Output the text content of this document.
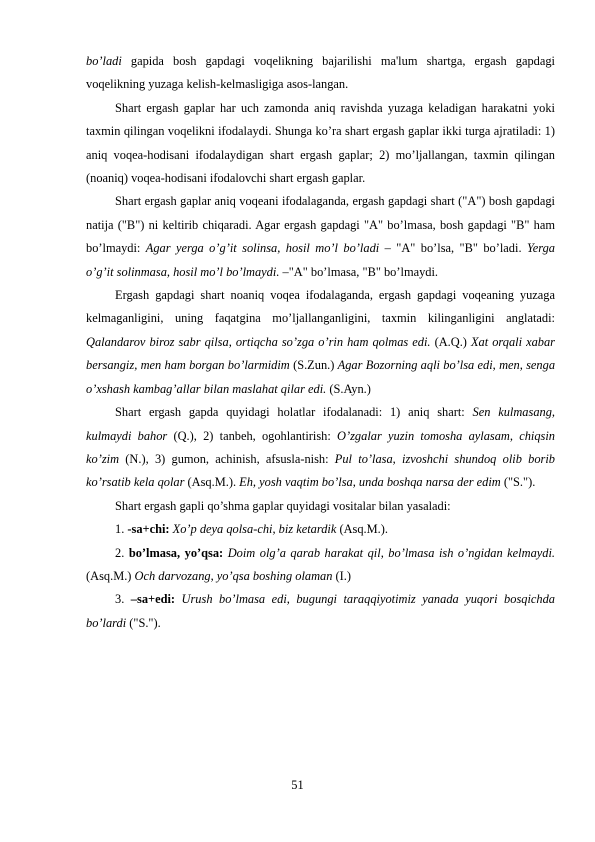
bo’ladi gapida bosh gapdagi voqelikning bajarilishi ma'lum shartga, ergash gapdagi voqelikning yuzaga kelish-kelmasligiga asos-langan.

Shart ergash gaplar har uch zamonda aniq ravishda yuzaga keladigan harakatni yoki taxmin qilingan voqelikni ifodalaydi. Shunga ko’ra shart ergash gaplar ikki turga ajratiladi: 1) aniq voqea-hodisani ifodalaydigan shart ergash gaplar; 2) mo’ljallangan, taxmin qilingan (noaniq) voqea-hodisani ifodalovchi shart ergash gaplar.

Shart ergash gaplar aniq voqeani ifodalaganda, ergash gapdagi shart ("A") bosh gapdagi natija ("B") ni keltirib chiqaradi. Agar ergash gapdagi "A" bo’lmasa, bosh gapdagi "B" ham bo’lmaydi: Agar yerga o’g’it solinsa, hosil mo’l bo’ladi – "A" bo’lsa, "B" bo’ladi. Yerga o’g’it solinmasa, hosil mo’l bo’lmaydi. –"A" bo’lmasa, "B" bo’lmaydi.

Ergash gapdagi shart noaniq voqea ifodalaganda, ergash gapdagi voqeaning yuzaga kelmaganligini, uning faqatgina mo’ljallanganligini, taxmin kilinganligini anglatadi: Qalandarov biroz sabr qilsa, ortiqcha so’zga o’rin ham qolmas edi. (A.Q.) Xat orqali xabar bersangiz, men ham borgan bo’larmidim (S.Zun.) Agar Bozorning aqli bo’lsa edi, men, senga o’xshash kambag’allar bilan maslahat qilar edi. (S.Ayn.)

Shart ergash gapda quyidagi holatlar ifodalanadi: 1) aniq shart: Sen kulmasang, kulmaydi bahor (Q.), 2) tanbeh, ogohlantirish: O’zgalar yuzin tomosha aylasam, chiqsin ko’zim (N.), 3) gumon, achinish, afsusla-nish: Pul to’lasa, izvoshchi shundoq olib borib ko’rsatib kela qolar (Asq.M.). Eh, yosh vaqtim bo’lsa, unda boshqa narsa der edim ("S.").

Shart ergash gapli qo’shma gaplar quyidagi vositalar bilan yasaladi:

1. -sa+chi: Xo’p deya qolsa-chi, biz ketardik (Asq.M.).

2. bo’lmasa, yo’qsa: Doim olg’a qarab harakat qil, bo’lmasa ish o’ngidan kelmaydi. (Asq.M.) Och darvozang, yo’qsa boshing olaman (I.)

3. –sa+edi: Urush bo’lmasa edi, bugungi taraqqiyotimiz yanada yuqori bosqichda bo’lardi ("S.").

51
